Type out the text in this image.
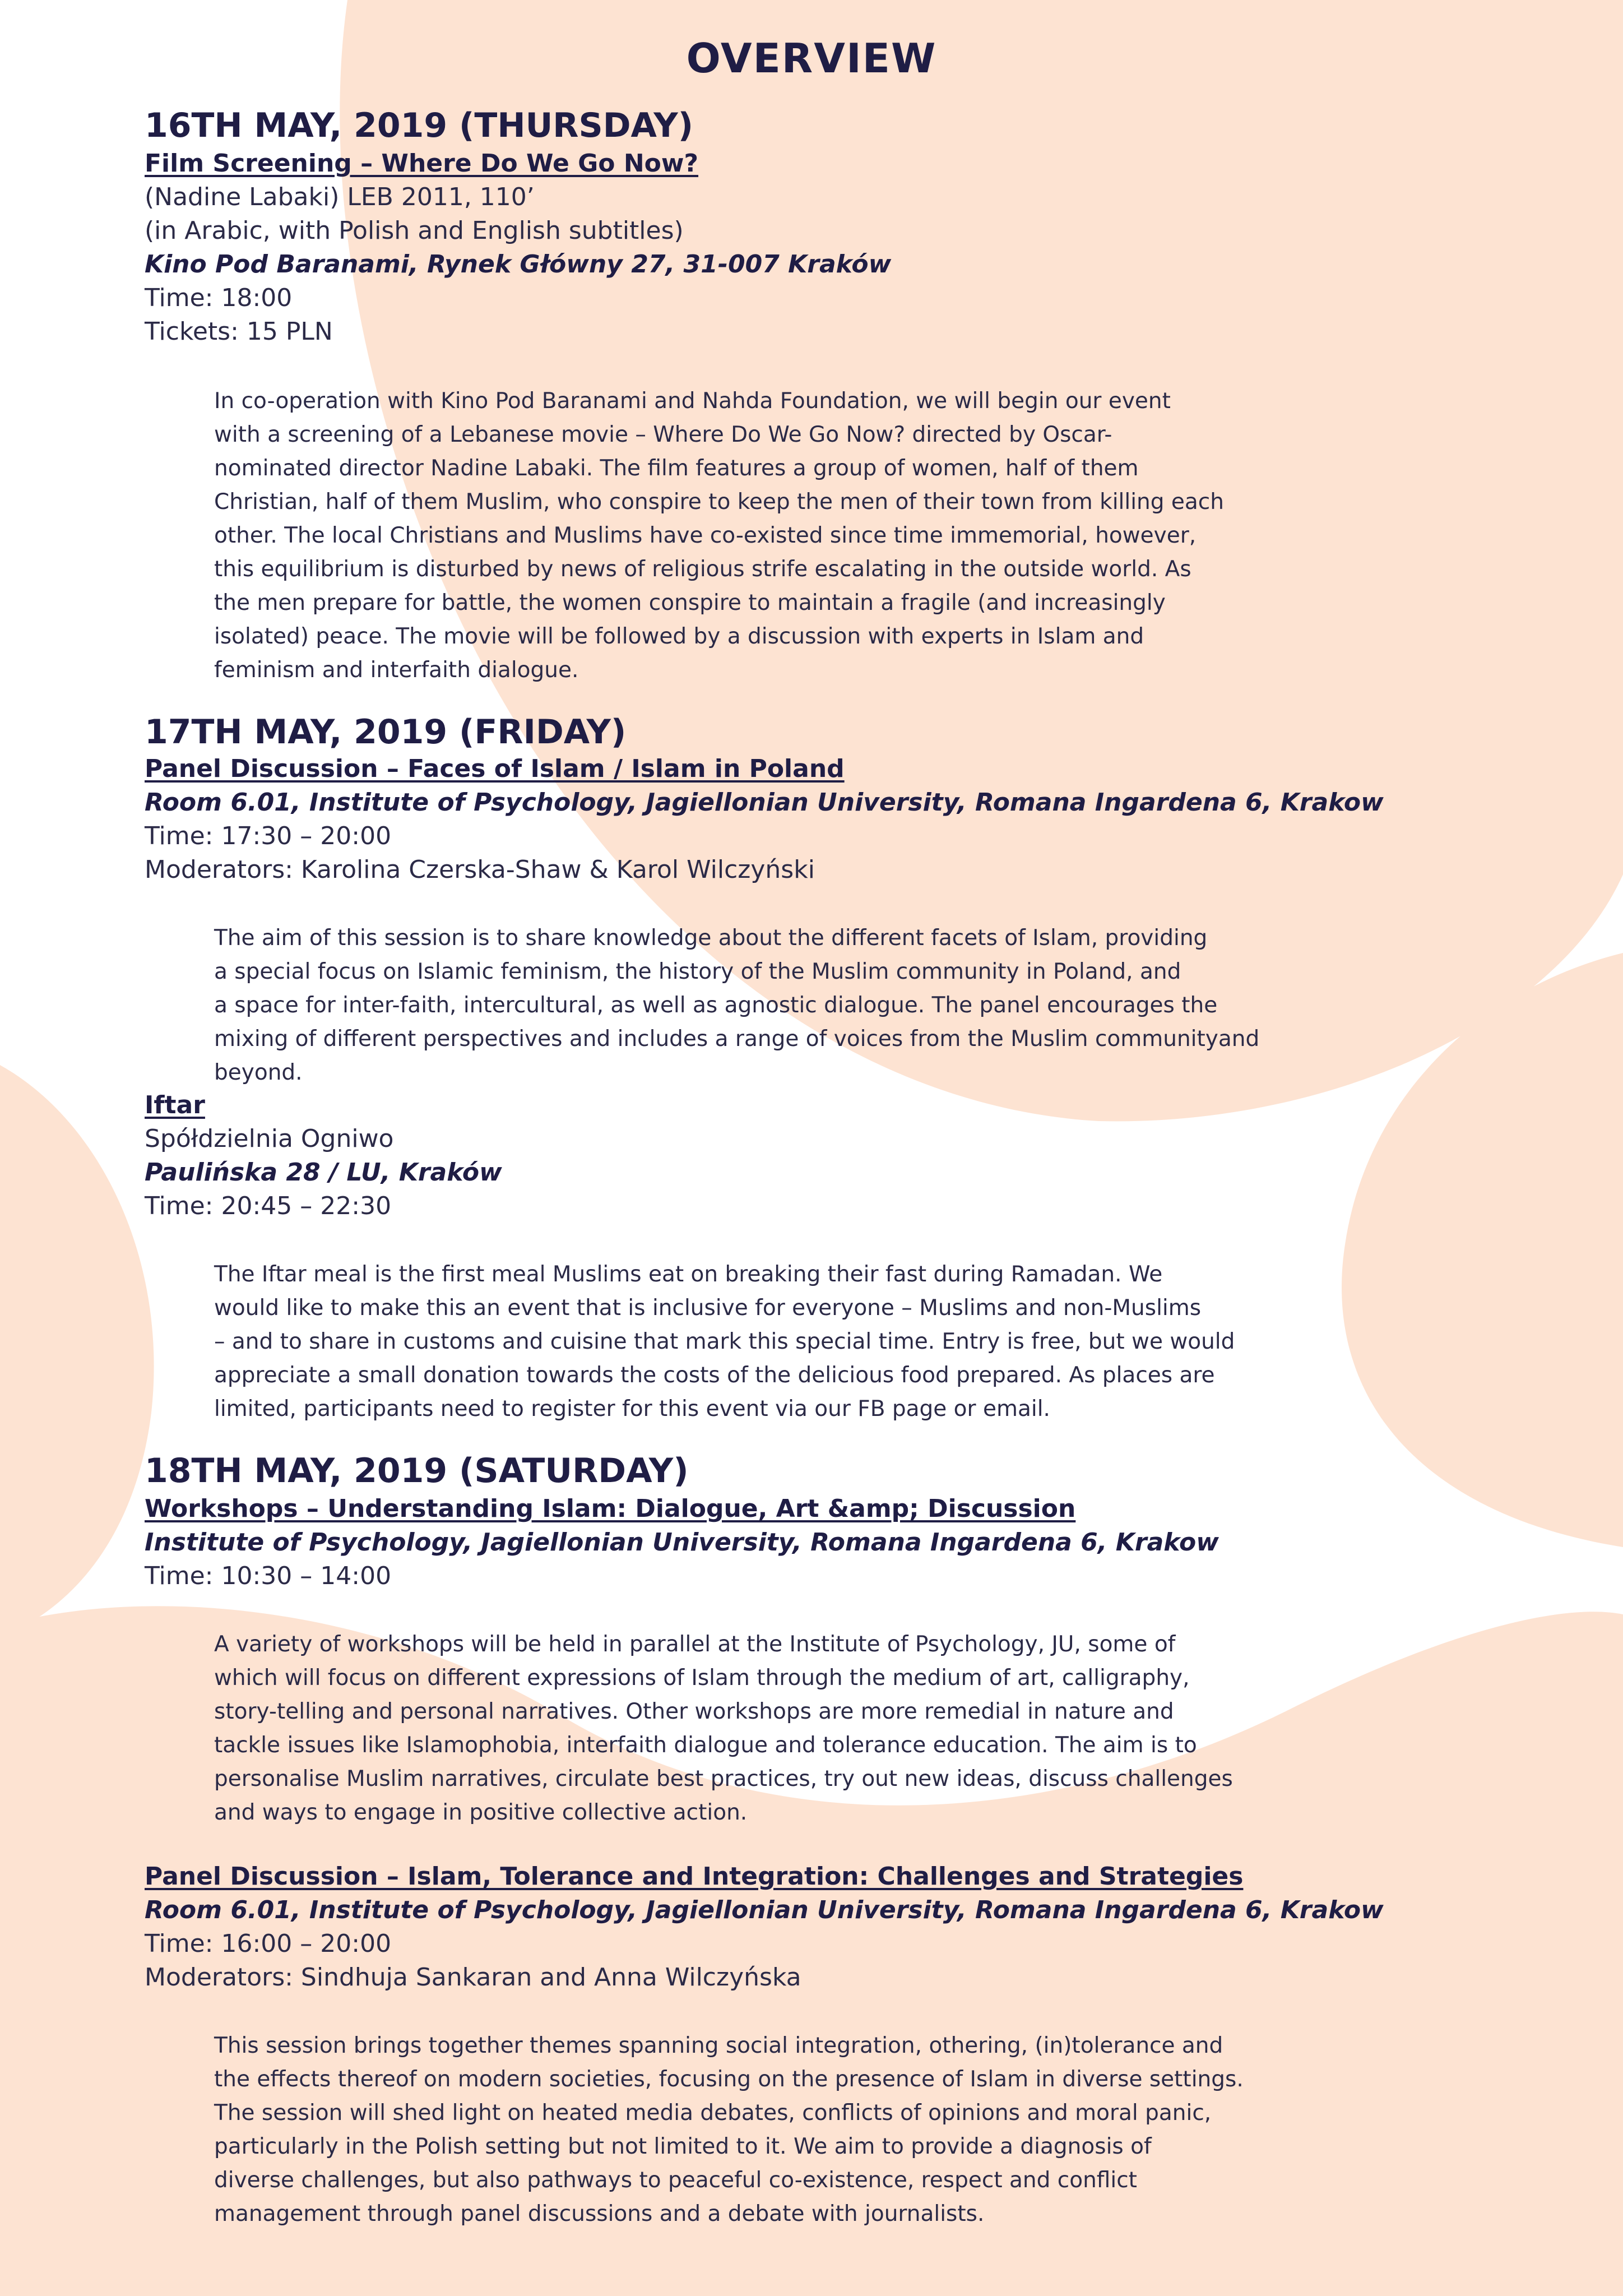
OVERVIEW
16TH MAY, 2019 (THURSDAY)
Film Screening – Where Do We Go Now?
(Nadine Labaki) LEB 2011, 110’
(in Arabic, with Polish and English subtitles)
Kino Pod Baranami, Rynek Główny 27, 31-007 Kraków
Time: 18:00
Tickets: 15 PLN
In co-operation with Kino Pod Baranami and Nahda Foundation, we will begin our event
with a screening of a Lebanese movie – Where Do We Go Now? directed by Oscar-
nominated director Nadine Labaki. The film features a group of women, half of them
Christian, half of them Muslim, who conspire to keep the men of their town from killing each
other. The local Christians and Muslims have co-existed since time immemorial, however,
this equilibrium is disturbed by news of religious strife escalating in the outside world. As
the men prepare for battle, the women conspire to maintain a fragile (and increasingly
isolated) peace. The movie will be followed by a discussion with experts in Islam and
feminism and interfaith dialogue.
17TH MAY, 2019 (FRIDAY)
Panel Discussion – Faces of Islam / Islam in Poland
Room 6.01, Institute of Psychology, Jagiellonian University, Romana Ingardena 6, Krakow
Time: 17:30 – 20:00
Moderators: Karolina Czerska-Shaw & Karol Wilczyński
The aim of this session is to share knowledge about the different facets of Islam, providing
a special focus on Islamic feminism, the history of the Muslim community in Poland, and
a space for inter-faith, intercultural, as well as agnostic dialogue. The panel encourages the
mixing of different perspectives and includes a range of voices from the Muslim communityand
beyond.
Iftar
Spółdzielnia Ogniwo
Paulińska 28 / LU, Kraków
Time: 20:45 – 22:30
The Iftar meal is the first meal Muslims eat on breaking their fast during Ramadan. We
would like to make this an event that is inclusive for everyone – Muslims and non-Muslims
– and to share in customs and cuisine that mark this special time. Entry is free, but we would
appreciate a small donation towards the costs of the delicious food prepared. As places are
limited, participants need to register for this event via our FB page or email.
18TH MAY, 2019 (SATURDAY)
Workshops – Understanding Islam: Dialogue, Art &amp; Discussion
Institute of Psychology, Jagiellonian University, Romana Ingardena 6, Krakow
Time: 10:30 – 14:00
A variety of workshops will be held in parallel at the Institute of Psychology, JU, some of
which will focus on different expressions of Islam through the medium of art, calligraphy,
story-telling and personal narratives. Other workshops are more remedial in nature and
tackle issues like Islamophobia, interfaith dialogue and tolerance education. The aim is to
personalise Muslim narratives, circulate best practices, try out new ideas, discuss challenges
and ways to engage in positive collective action.
Panel Discussion – Islam, Tolerance and Integration: Challenges and Strategies
Room 6.01, Institute of Psychology, Jagiellonian University, Romana Ingardena 6, Krakow
Time: 16:00 – 20:00
Moderators: Sindhuja Sankaran and Anna Wilczyńska
This session brings together themes spanning social integration, othering, (in)tolerance and
the effects thereof on modern societies, focusing on the presence of Islam in diverse settings.
The session will shed light on heated media debates, conflicts of opinions and moral panic,
particularly in the Polish setting but not limited to it. We aim to provide a diagnosis of
diverse challenges, but also pathways to peaceful co-existence, respect and conflict
management through panel discussions and a debate with journalists.
